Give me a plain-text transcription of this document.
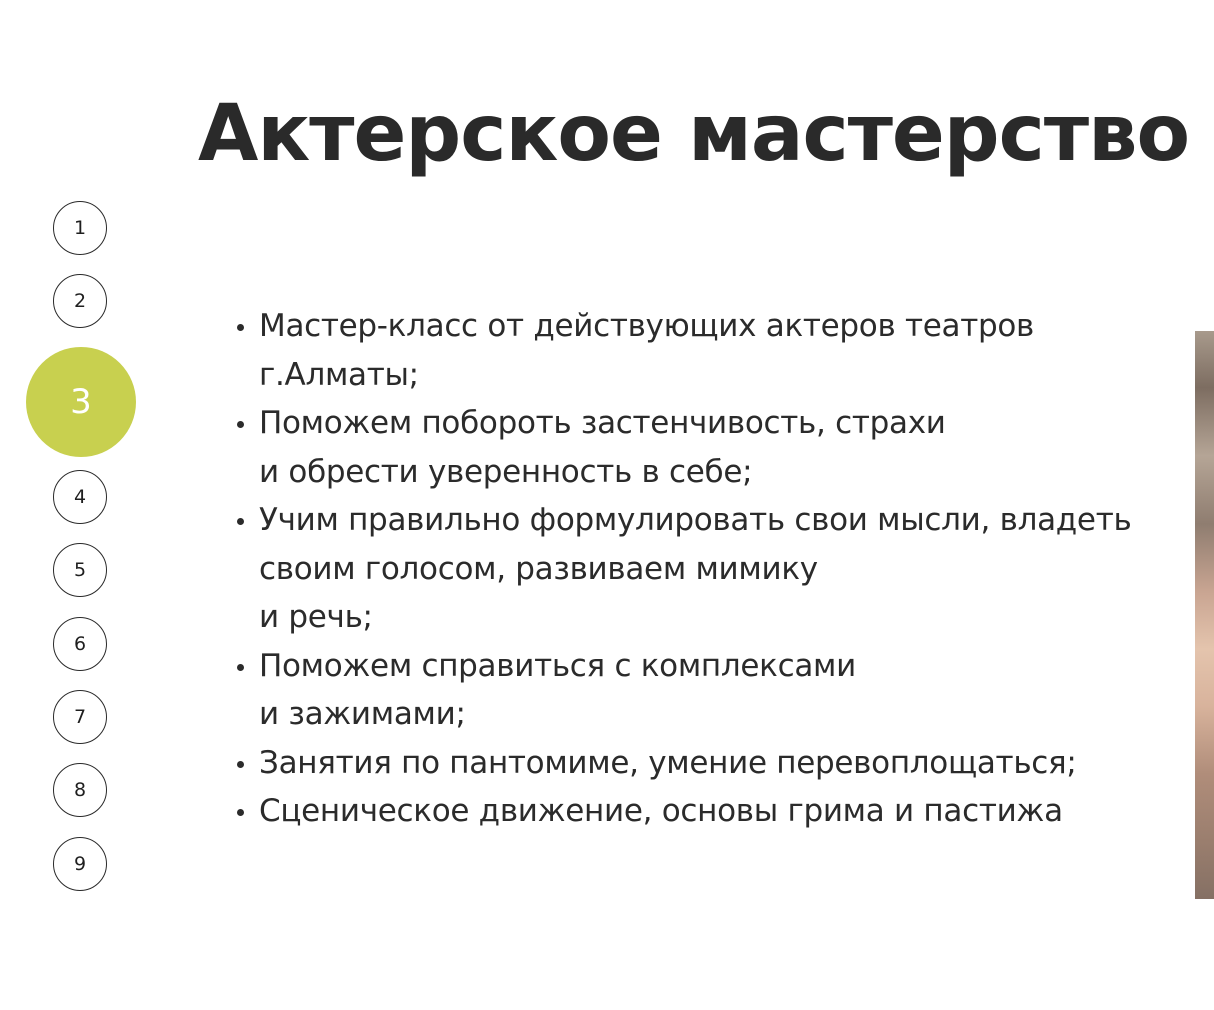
Актерское мастерство
1
2
3
4
5
6
7
8
9
Мастер-класс от действующих актеров театров
г.Алматы;
Поможем побороть застенчивость, страхи
и обрести уверенность в себе;
Учим правильно формулировать свои мысли, владеть
своим голосом, развиваем мимику
и речь;
Поможем справиться с комплексами
и зажимами;
Занятия по пантомиме, умение перевоплощаться;
Сценическое движение, основы грима и пастижа
